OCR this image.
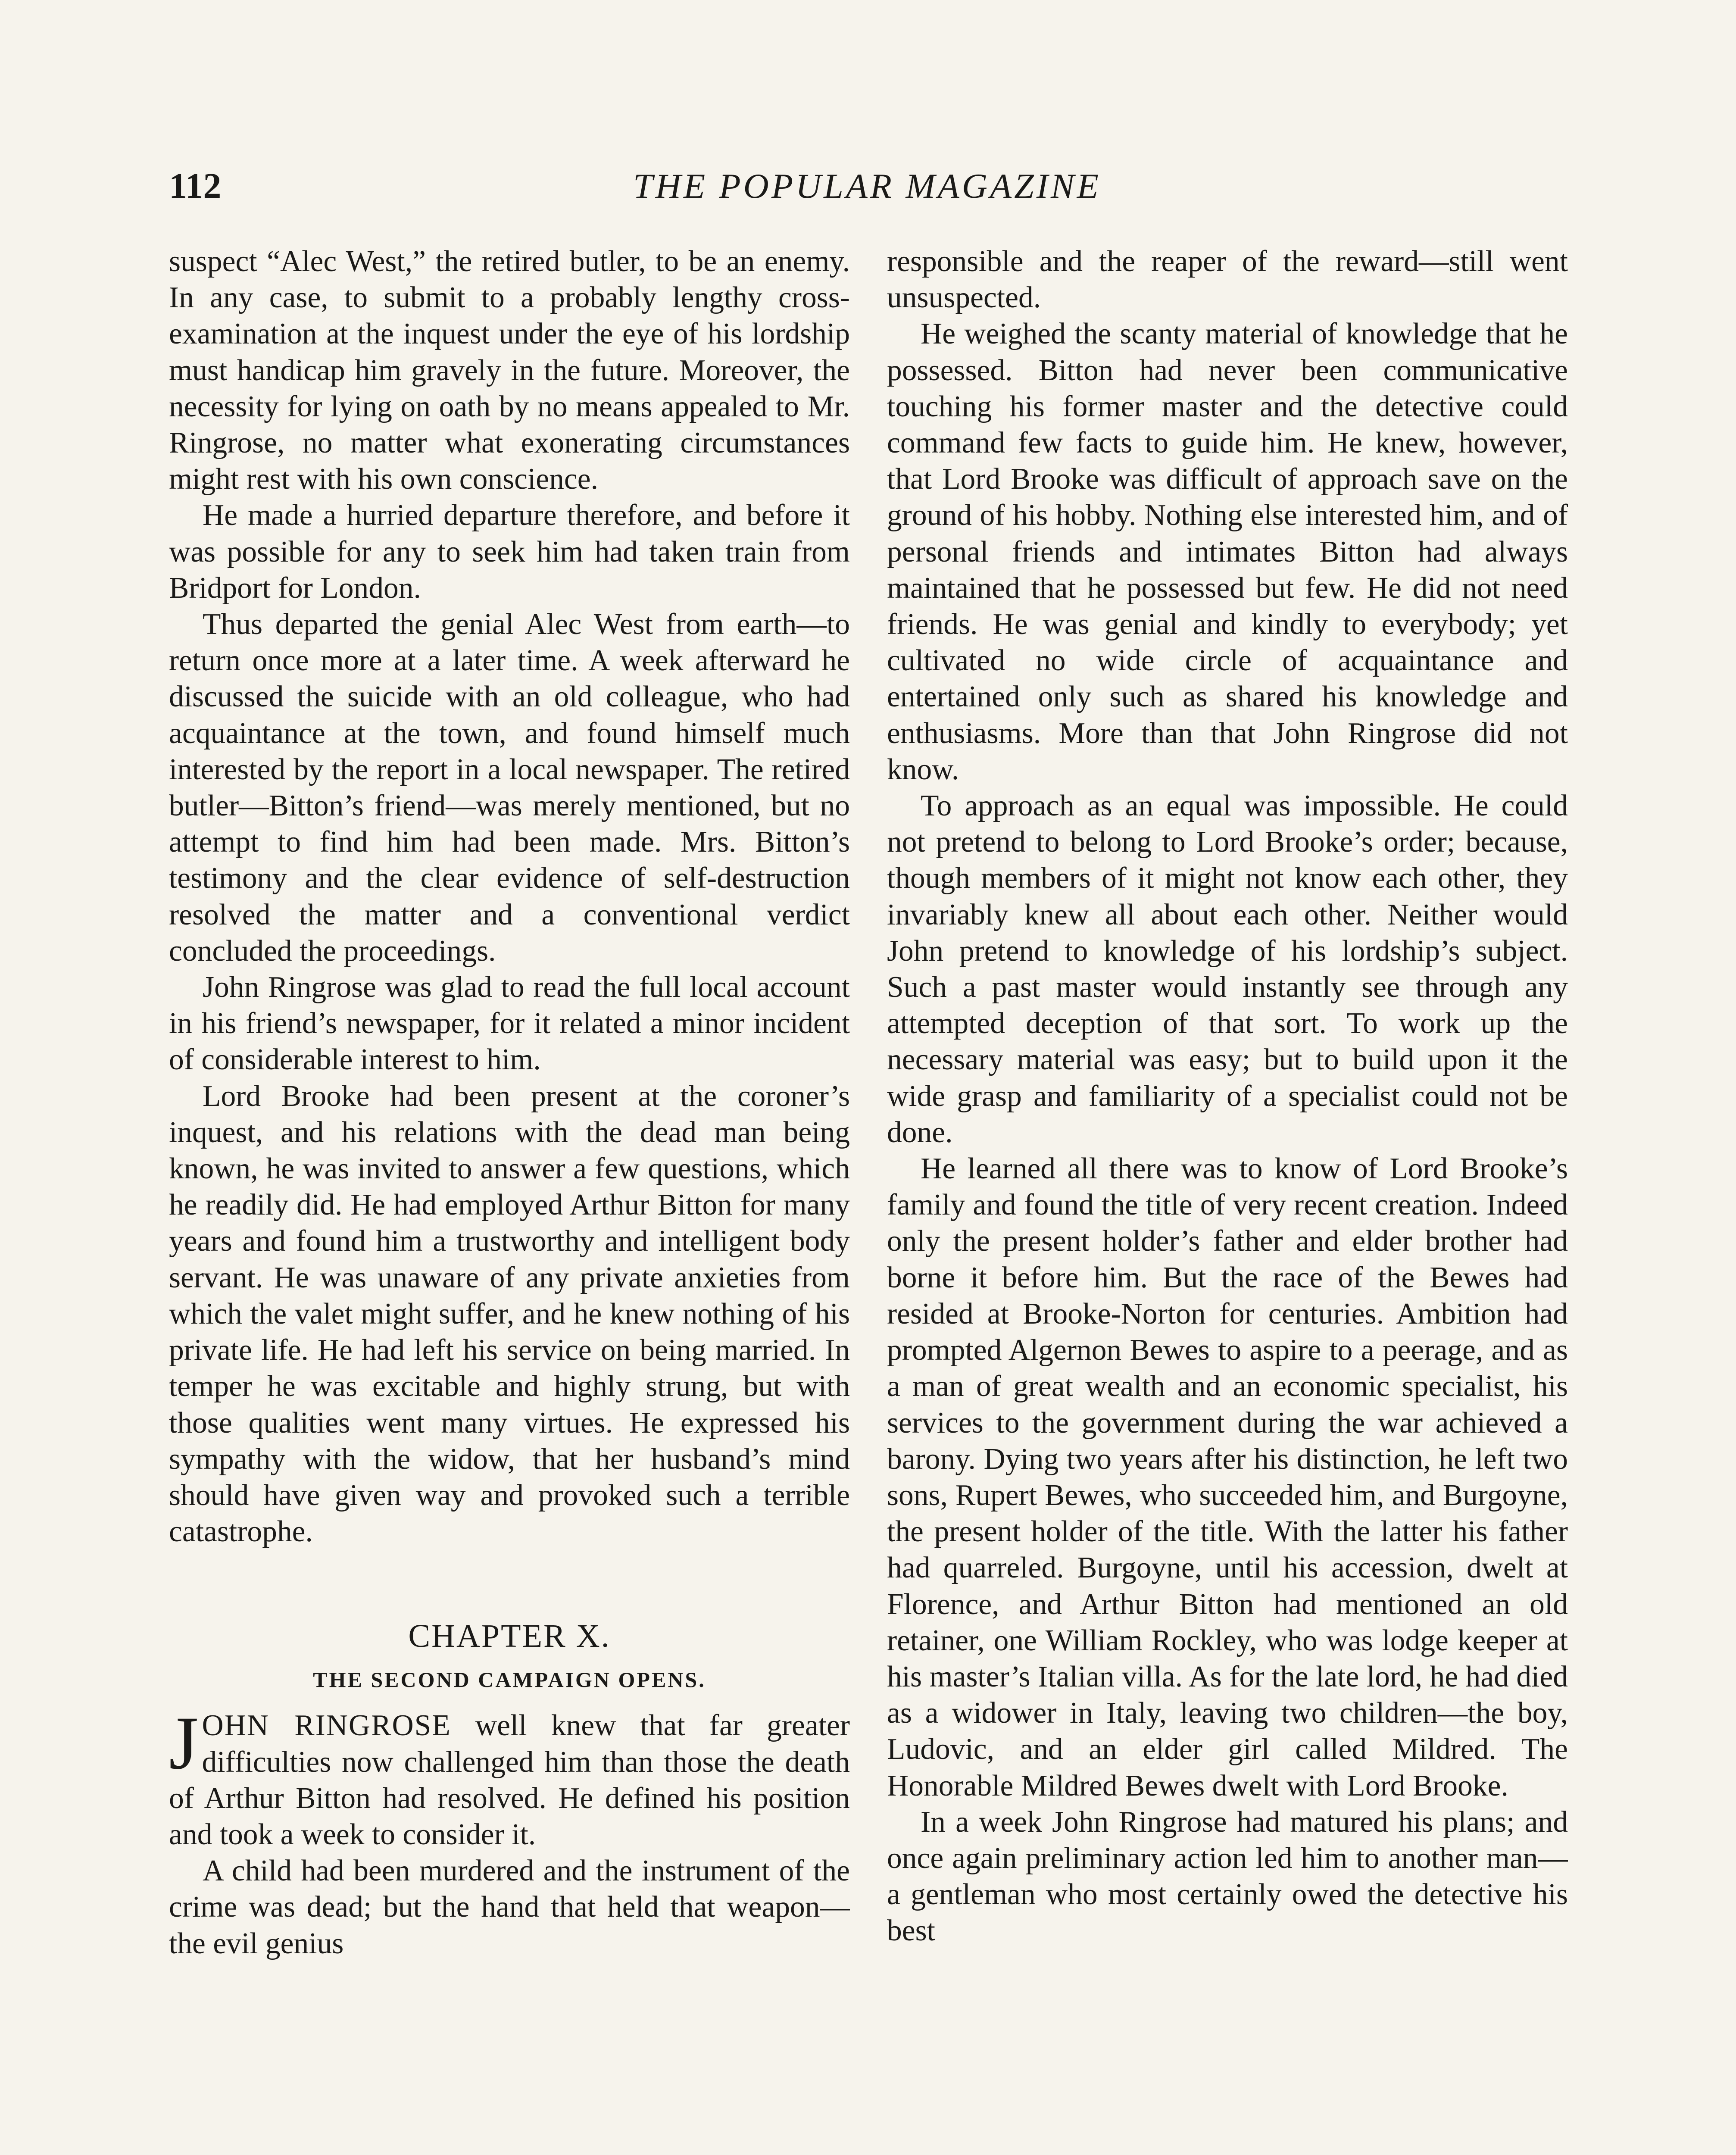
112	THE POPULAR MAGAZINE

suspect “Alec West,” the retired butler, to be an enemy. In any case, to submit to a probably lengthy cross-examination at the inquest under the eye of his lordship must handicap him gravely in the future. Moreover, the necessity for lying on oath by no means appealed to Mr. Ringrose, no matter what exonerating circumstances might rest with his own conscience.

He made a hurried departure therefore, and before it was possible for any to seek him had taken train from Bridport for London.

Thus departed the genial Alec West from earth—to return once more at a later time. A week afterward he discussed the suicide with an old colleague, who had acquaintance at the town, and found himself much interested by the report in a local newspaper. The retired butler—Bitton’s friend—was merely mentioned, but no attempt to find him had been made. Mrs. Bitton’s testimony and the clear evidence of self-destruction resolved the matter and a conventional verdict concluded the proceedings.

John Ringrose was glad to read the full local account in his friend’s newspaper, for it related a minor incident of considerable interest to him.

Lord Brooke had been present at the coroner’s inquest, and his relations with the dead man being known, he was invited to answer a few questions, which he readily did. He had employed Arthur Bitton for many years and found him a trustworthy and intelligent body servant. He was unaware of any private anxieties from which the valet might suffer, and he knew nothing of his private life. He had left his service on being married. In temper he was excitable and highly strung, but with those qualities went many virtues. He expressed his sympathy with the widow, that her husband’s mind should have given way and provoked such a terrible catastrophe.

CHAPTER X.
THE SECOND CAMPAIGN OPENS.

JOHN RINGROSE well knew that far greater difficulties now challenged him than those the death of Arthur Bitton had resolved. He defined his position and took a week to consider it.

A child had been murdered and the instrument of the crime was dead; but the hand that held that weapon—the evil genius

responsible and the reaper of the reward—still went unsuspected.

He weighed the scanty material of knowledge that he possessed. Bitton had never been communicative touching his former master and the detective could command few facts to guide him. He knew, however, that Lord Brooke was difficult of approach save on the ground of his hobby. Nothing else interested him, and of personal friends and intimates Bitton had always maintained that he possessed but few. He did not need friends. He was genial and kindly to everybody; yet cultivated no wide circle of acquaintance and entertained only such as shared his knowledge and enthusiasms. More than that John Ringrose did not know.

To approach as an equal was impossible. He could not pretend to belong to Lord Brooke’s order; because, though members of it might not know each other, they invariably knew all about each other. Neither would John pretend to knowledge of his lordship’s subject. Such a past master would instantly see through any attempted deception of that sort. To work up the necessary material was easy; but to build upon it the wide grasp and familiarity of a specialist could not be done.

He learned all there was to know of Lord Brooke’s family and found the title of very recent creation. Indeed only the present holder’s father and elder brother had borne it before him. But the race of the Bewes had resided at Brooke-Norton for centuries. Ambition had prompted Algernon Bewes to aspire to a peerage, and as a man of great wealth and an economic specialist, his services to the government during the war achieved a barony. Dying two years after his distinction, he left two sons, Rupert Bewes, who succeeded him, and Burgoyne, the present holder of the title. With the latter his father had quarreled. Burgoyne, until his accession, dwelt at Florence, and Arthur Bitton had mentioned an old retainer, one William Rockley, who was lodge keeper at his master’s Italian villa. As for the late lord, he had died as a widower in Italy, leaving two children—the boy, Ludovic, and an elder girl called Mildred. The Honorable Mildred Bewes dwelt with Lord Brooke.

In a week John Ringrose had matured his plans; and once again preliminary action led him to another man—a gentleman who most certainly owed the detective his best
